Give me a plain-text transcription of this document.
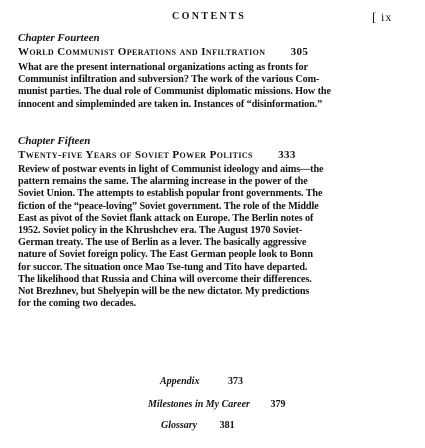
CONTENTS	[ ix
Chapter Fourteen
World Communist Operations and Infiltration 305
What are the present international organizations acting as fronts for
Communist infiltration and subversion? The work of the various Com-
munist parties. The dual role of Communist diplomatic missions. How the
innocent and simpleminded are taken in. Instances of “disinformation.”
Chapter Fifteen
Twenty-five Years of Soviet Power Politics 333
Review of postwar events in light of Communist ideology and aims—the
pattern remains the same. The alarming increase in the power of the
Soviet Union. The attempts to establish popular front governments. The
fiction of the “peace-loving” Soviet government. The role of the Middle
East as pivot of the Soviet flank attack on Europe. The Berlin notes of
1952. Soviet policy in the Khrushchev era. The August 1970 Soviet-
German treaty. The use of Berlin as a lever. The basically aggressive
nature of Soviet foreign policy. The East German people look to Bonn
for succor. The situation once Mao Tse-tung and Tito have departed.
The likelihood that Russia and China will overcome their differences.
Not Brezhnev, but Shelyepin will be the new dictator. My predictions
for the coming two decades.
Appendix	373
Milestones in My Career 379
Glossary 381
